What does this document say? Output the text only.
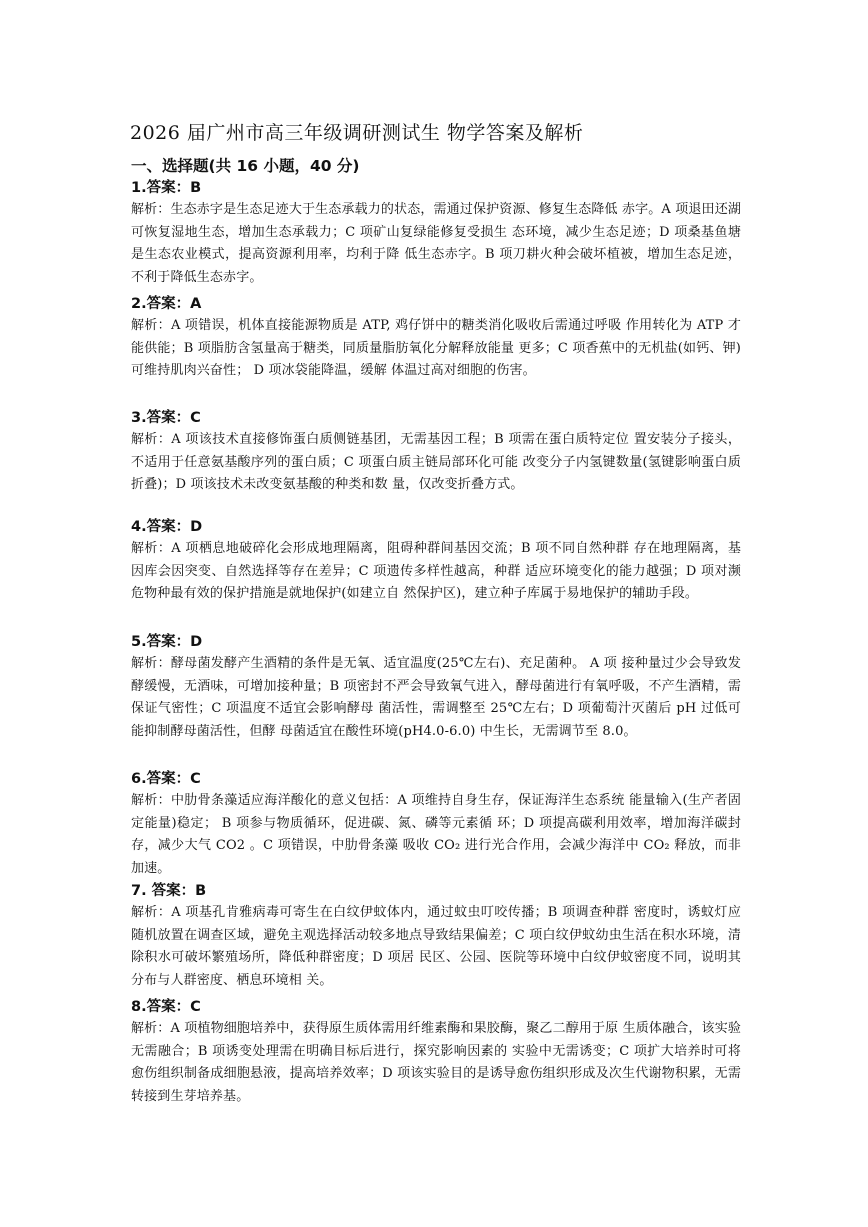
2026 届广州市高三年级调研测试生 物学答案及解析
一、选择题(共 16 小题，40 分)
1.答案：B
解析：生态赤字是生态足迹大于生态承载力的状态，需通过保护资源、修复生态降低 赤字。A 项退田还湖可恢复湿地生态，增加生态承载力；C 项矿山复绿能修复受损生 态环境，减少生态足迹；D 项桑基鱼塘是生态农业模式，提高资源利用率，均利于降 低生态赤字。B 项刀耕火种会破坏植被，增加生态足迹，不利于降低生态赤字。
2.答案：A
解析：A 项错误，机体直接能源物质是 ATP, 鸡仔饼中的糖类消化吸收后需通过呼吸 作用转化为 ATP 才能供能；B 项脂肪含氢量高于糖类，同质量脂肪氧化分解释放能量 更多；C 项香蕉中的无机盐(如钙、钾)可维持肌肉兴奋性； D 项冰袋能降温，缓解 体温过高对细胞的伤害。
3.答案：C
解析：A 项该技术直接修饰蛋白质侧链基团，无需基因工程；B 项需在蛋白质特定位 置安装分子接头，不适用于任意氨基酸序列的蛋白质；C 项蛋白质主链局部环化可能 改变分子内氢键数量(氢键影响蛋白质折叠)；D 项该技术未改变氨基酸的种类和数 量，仅改变折叠方式。
4.答案：D
解析：A 项栖息地破碎化会形成地理隔离，阻碍种群间基因交流；B 项不同自然种群 存在地理隔离，基因库会因突变、自然选择等存在差异；C 项遗传多样性越高，种群 适应环境变化的能力越强；D 项对濒危物种最有效的保护措施是就地保护(如建立自 然保护区)，建立种子库属于易地保护的辅助手段。
5.答案：D
解析：酵母菌发酵产生酒精的条件是无氧、适宜温度(25℃左右)、充足菌种。 A 项 接种量过少会导致发酵缓慢，无酒味，可增加接种量；B 项密封不严会导致氧气进入，酵母菌进行有氧呼吸，不产生酒精，需保证气密性；C 项温度不适宜会影响酵母 菌活性，需调整至 25℃左右；D 项葡萄汁灭菌后 pH 过低可能抑制酵母菌活性，但酵 母菌适宜在酸性环境(pH4.0-6.0) 中生长，无需调节至 8.0。
6.答案：C
解析：中肋骨条藻适应海洋酸化的意义包括：A 项维持自身生存，保证海洋生态系统 能量输入(生产者固定能量)稳定； B 项参与物质循环，促进碳、氮、磷等元素循 环；D 项提高碳利用效率，增加海洋碳封存，减少大气 CO2 。C 项错误，中肋骨条藻 吸收 CO₂ 进行光合作用，会减少海洋中 CO₂ 释放，而非加速。
7. 答案：B
解析：A 项基孔肯雅病毒可寄生在白纹伊蚊体内，通过蚊虫叮咬传播；B 项调查种群 密度时，诱蚊灯应随机放置在调查区域，避免主观选择活动较多地点导致结果偏差；C 项白纹伊蚊幼虫生活在积水环境，清除积水可破坏繁殖场所，降低种群密度；D 项居 民区、公园、医院等环境中白纹伊蚊密度不同，说明其分布与人群密度、栖息环境相 关。
8.答案：C
解析：A 项植物细胞培养中，获得原生质体需用纤维素酶和果胶酶，聚乙二醇用于原 生质体融合，该实验无需融合；B 项诱变处理需在明确目标后进行，探究影响因素的 实验中无需诱变；C 项扩大培养时可将愈伤组织制备成细胞悬液，提高培养效率；D 项该实验目的是诱导愈伤组织形成及次生代谢物积累，无需转接到生芽培养基。
